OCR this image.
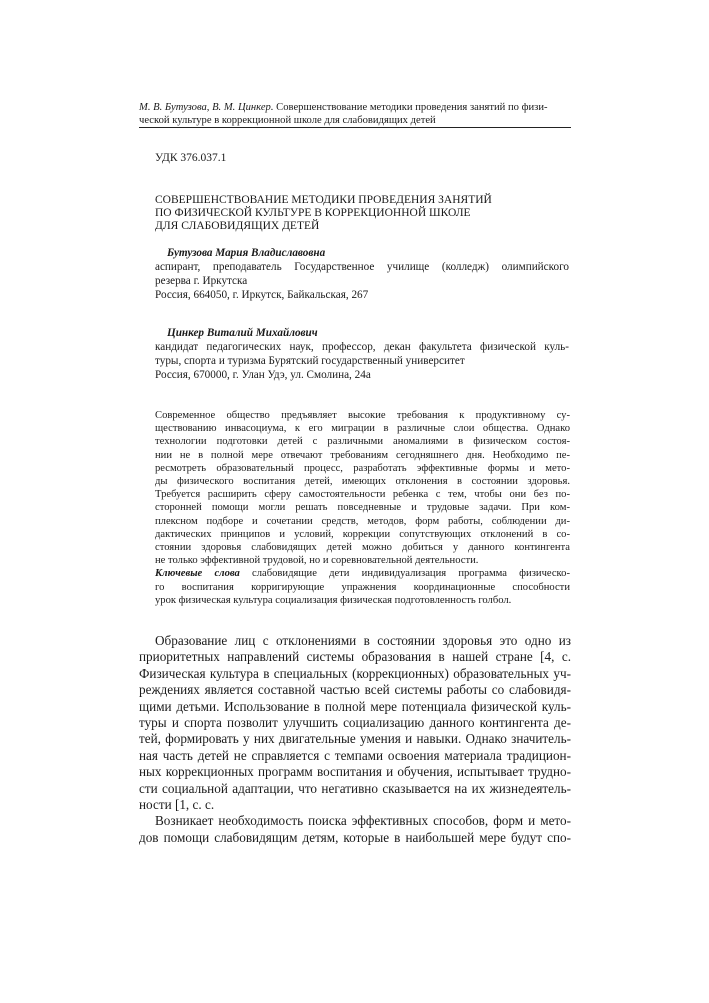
М. В. Бутузова, В. М. Цинкер. Совершенствование методики проведения занятий по физи-
ческой культуре в коррекционной школе для слабовидящих детей
УДК 376.037.1
СОВЕРШЕНСТВОВАНИЕ МЕТОДИКИ ПРОВЕДЕНИЯ ЗАНЯТИЙ
ПО ФИЗИЧЕСКОЙ КУЛЬТУРЕ В КОРРЕКЦИОННОЙ ШКОЛЕ
ДЛЯ СЛАБОВИДЯЩИХ ДЕТЕЙ
Бутузова Мария Владиславовна
аспирант, преподаватель Государственное училище (колледж) олимпийского
резерва г. Иркутска
Россия, 664050, г. Иркутск, Байкальская, 267
Цинкер Виталий Михайлович
кандидат педагогических наук, профессор, декан факультета физической куль-
туры, спорта и туризма Бурятский государственный университет
Россия, 670000, г. Улан Удэ, ул. Смолина, 24а
Современное общество предъявляет высокие требования к продуктивному су-
ществованию инвасоциума, к его миграции в различные слои общества. Однако
технологии подготовки детей с различными аномалиями в физическом состоя-
нии не в полной мере отвечают требованиям сегодняшнего дня. Необходимо пе-
ресмотреть образовательный процесс, разработать эффективные формы и мето-
ды физического воспитания детей, имеющих отклонения в состоянии здоровья.
Требуется расширить сферу самостоятельности ребенка с тем, чтобы они без по-
сторонней помощи могли решать повседневные и трудовые задачи. При ком-
плексном подборе и сочетании средств, методов, форм работы, соблюдении ди-
дактических принципов и условий, коррекции сопутствующих отклонений в со-
стоянии здоровья слабовидящих детей можно добиться у данного контингента
не только эффективной трудовой, но и соревновательной деятельности.
Ключевые слова слабовидящие дети индивидуализация программа физическо-
го воспитания корригирующие упражнения координационные способности
урок физическая культура социализация физическая подготовленность голбол.
Образование лиц с отклонениями в состоянии здоровья это одно из
приоритетных направлений системы образования в нашей стране [4, с.
Физическая культура в специальных (коррекционных) образовательных уч-
реждениях является составной частью всей системы работы со слабовидя-
щими детьми. Использование в полной мере потенциала физической куль-
туры и спорта позволит улучшить социализацию данного контингента де-
тей, формировать у них двигательные умения и навыки. Однако значитель-
ная часть детей не справляется с темпами освоения материала традицион-
ных коррекционных программ воспитания и обучения, испытывает трудно-
сти социальной адаптации, что негативно сказывается на их жизнедеятель-
ности [1, с. с.
Возникает необходимость поиска эффективных способов, форм и мето-
дов помощи слабовидящим детям, которые в наибольшей мере будут спо-
